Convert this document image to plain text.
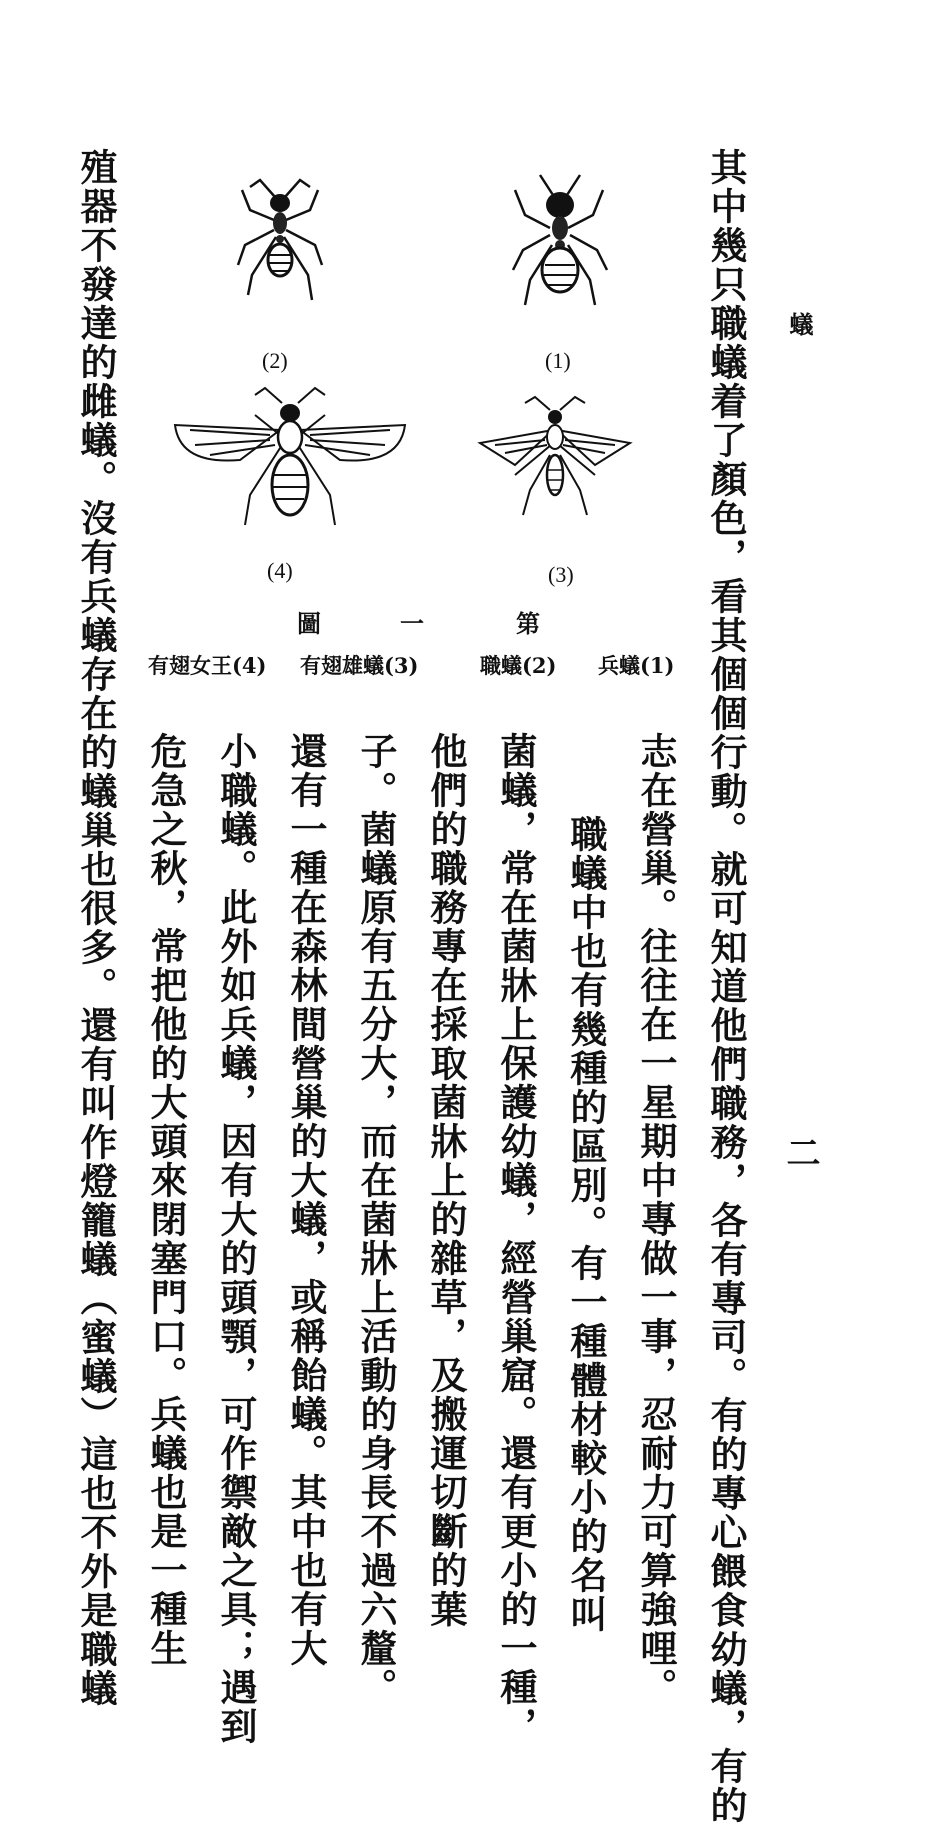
蟻
二
其中幾只職蟻着了顏色，看其個個行動。就可知道他們職務，各有專司。有的專心餵食幼蟻，有的
志在營巢。往往在一星期中專做一事，忍耐力可算強哩。
職蟻中也有幾種的區別。有一種體材較小的名叫
菌蟻，常在菌牀上保護幼蟻，經營巢窟。還有更小的一種，
他們的職務專在採取菌牀上的雜草，及搬運切斷的葉
子。菌蟻原有五分大，而在菌牀上活動的身長不過六釐。
還有一種在森林間營巢的大蟻，或稱飴蟻。其中也有大
小職蟻。此外如兵蟻，因有大的頭顎，可作禦敵之具；遇到
危急之秋，常把他的大頭來閉塞門口。兵蟻也是一種生
殖器不發達的雌蟻。沒有兵蟻存在的蟻巢也很多。還有叫作燈籠蟻（蜜蟻）這也不外是職蟻	(1)
(2)
(3)
(4)
第
一
圖
兵蟻(1)
職蟻(2)
有翅雄蟻(3)
有翅女王(4)
